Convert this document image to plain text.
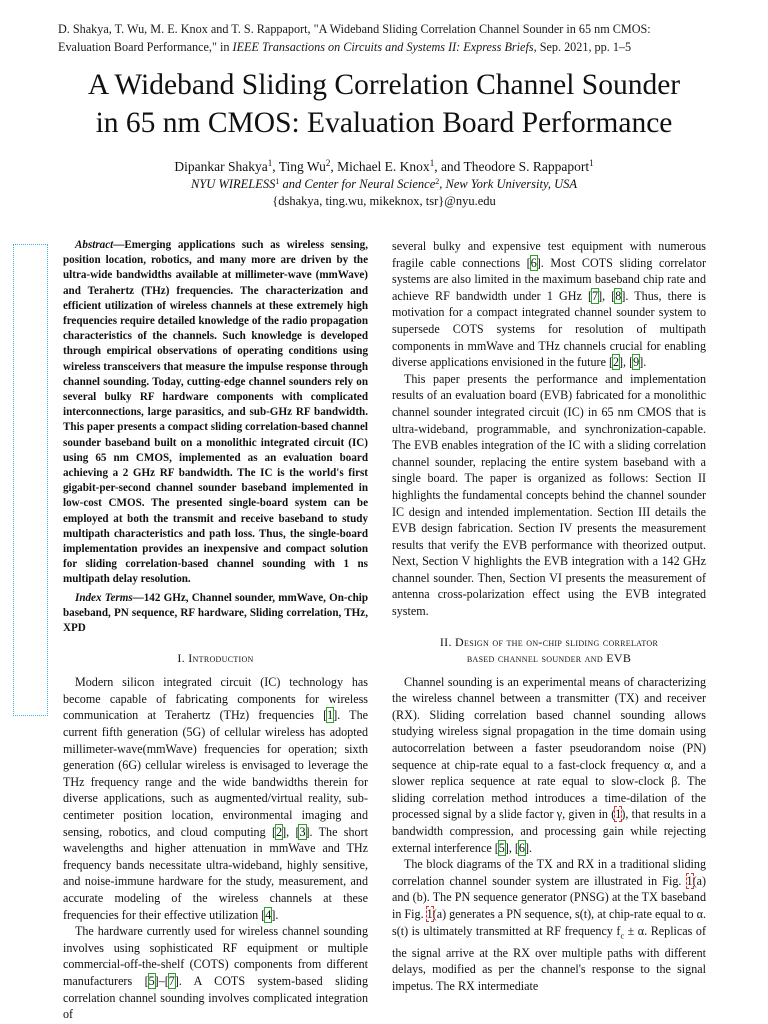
D. Shakya, T. Wu, M. E. Knox and T. S. Rappaport, "A Wideband Sliding Correlation Channel Sounder in 65 nm CMOS:
Evaluation Board Performance," in IEEE Transactions on Circuits and Systems II: Express Briefs, Sep. 2021, pp. 1–5
A Wideband Sliding Correlation Channel Sounder
in 65 nm CMOS: Evaluation Board Performance
Dipankar Shakya$^1$, Ting Wu$^2$, Michael E. Knox$^1$, and Theodore S. Rappaport$^1$
NYU WIRELESS$^1$ and Center for Neural Science$^2$, New York University, USA
{dshakya, ting.wu, mikeknox, tsr}@nyu.edu

Abstract—Emerging applications such as wireless sensing, position location, robotics, and many more are driven by the ultra-wide bandwidths available at millimeter-wave (mmWave) and Terahertz (THz) frequencies. The characterization and efficient utilization of wireless channels at these extremely high frequencies require detailed knowledge of the radio propagation characteristics of the channels. Such knowledge is developed through empirical observations of operating conditions using wireless transceivers that measure the impulse response through channel sounding. Today, cutting-edge channel sounders rely on several bulky RF hardware components with complicated interconnections, large parasitics, and sub-GHz RF bandwidth. This paper presents a compact sliding correlation-based channel sounder baseband built on a monolithic integrated circuit (IC) using 65 nm CMOS, implemented as an evaluation board achieving a 2 GHz RF bandwidth. The IC is the world's first gigabit-per-second channel sounder baseband implemented in low-cost CMOS. The presented single-board system can be employed at both the transmit and receive baseband to study multipath characteristics and path loss. Thus, the single-board implementation provides an inexpensive and compact solution for sliding correlation-based channel sounding with 1 ns multipath delay resolution.

Index Terms—142 GHz, Channel sounder, mmWave, On-chip baseband, PN sequence, RF hardware, Sliding correlation, THz, XPD

I. Introduction

Modern silicon integrated circuit (IC) technology has become capable of fabricating components for wireless communication at Terahertz (THz) frequencies [1]. The current fifth generation (5G) of cellular wireless has adopted millimeter-wave(mmWave) frequencies for operation; sixth generation (6G) cellular wireless is envisaged to leverage the THz frequency range and the wide bandwidths therein for diverse applications, such as augmented/virtual reality, sub-centimeter position location, environmental imaging and sensing, robotics, and cloud computing [2], [3]. The short wavelengths and higher attenuation in mmWave and THz frequency bands necessitate ultra-wideband, highly sensitive, and noise-immune hardware for the study, measurement, and accurate modeling of the wireless channels at these frequencies for their effective utilization [4].

The hardware currently used for wireless channel sounding involves using sophisticated RF equipment or multiple commercial-off-the-shelf (COTS) components from different manufacturers [5]–[7]. A COTS system-based sliding correlation channel sounding involves complicated integration of

several bulky and expensive test equipment with numerous fragile cable connections [6]. Most COTS sliding correlator systems are also limited in the maximum baseband chip rate and achieve RF bandwidth under 1 GHz [7], [8]. Thus, there is motivation for a compact integrated channel sounder system to supersede COTS systems for resolution of multipath components in mmWave and THz channels crucial for enabling diverse applications envisioned in the future [2], [9].

This paper presents the performance and implementation results of an evaluation board (EVB) fabricated for a monolithic channel sounder integrated circuit (IC) in 65 nm CMOS that is ultra-wideband, programmable, and synchronization-capable. The EVB enables integration of the IC with a sliding correlation channel sounder, replacing the entire system baseband with a single board. The paper is organized as follows: Section II highlights the fundamental concepts behind the channel sounder IC design and intended implementation. Section III details the EVB design fabrication. Section IV presents the measurement results that verify the EVB performance with theorized output. Next, Section V highlights the EVB integration with a 142 GHz channel sounder. Then, Section VI presents the measurement of antenna cross-polarization effect using the EVB integrated system.

II. Design of the on-chip sliding correlator
based channel sounder and EVB

Channel sounding is an experimental means of characterizing the wireless channel between a transmitter (TX) and receiver (RX). Sliding correlation based channel sounding allows studying wireless signal propagation in the time domain using autocorrelation between a faster pseudorandom noise (PN) sequence at chip-rate equal to a fast-clock frequency α, and a slower replica sequence at rate equal to slow-clock β. The sliding correlation method introduces a time-dilation of the processed signal by a slide factor γ, given in (1), that results in a bandwidth compression, and processing gain while rejecting external interference [5], [6].

The block diagrams of the TX and RX in a traditional sliding correlation channel sounder system are illustrated in Fig. 1(a) and (b). The PN sequence generator (PNSG) at the TX baseband in Fig. 1(a) generates a PN sequence, s(t), at chip-rate equal to α. s(t) is ultimately transmitted at RF frequency $f_c \pm \alpha$. Replicas of the signal arrive at the RX over multiple paths with different delays, modified as per the channel's response to the signal impetus. The RX intermediate
